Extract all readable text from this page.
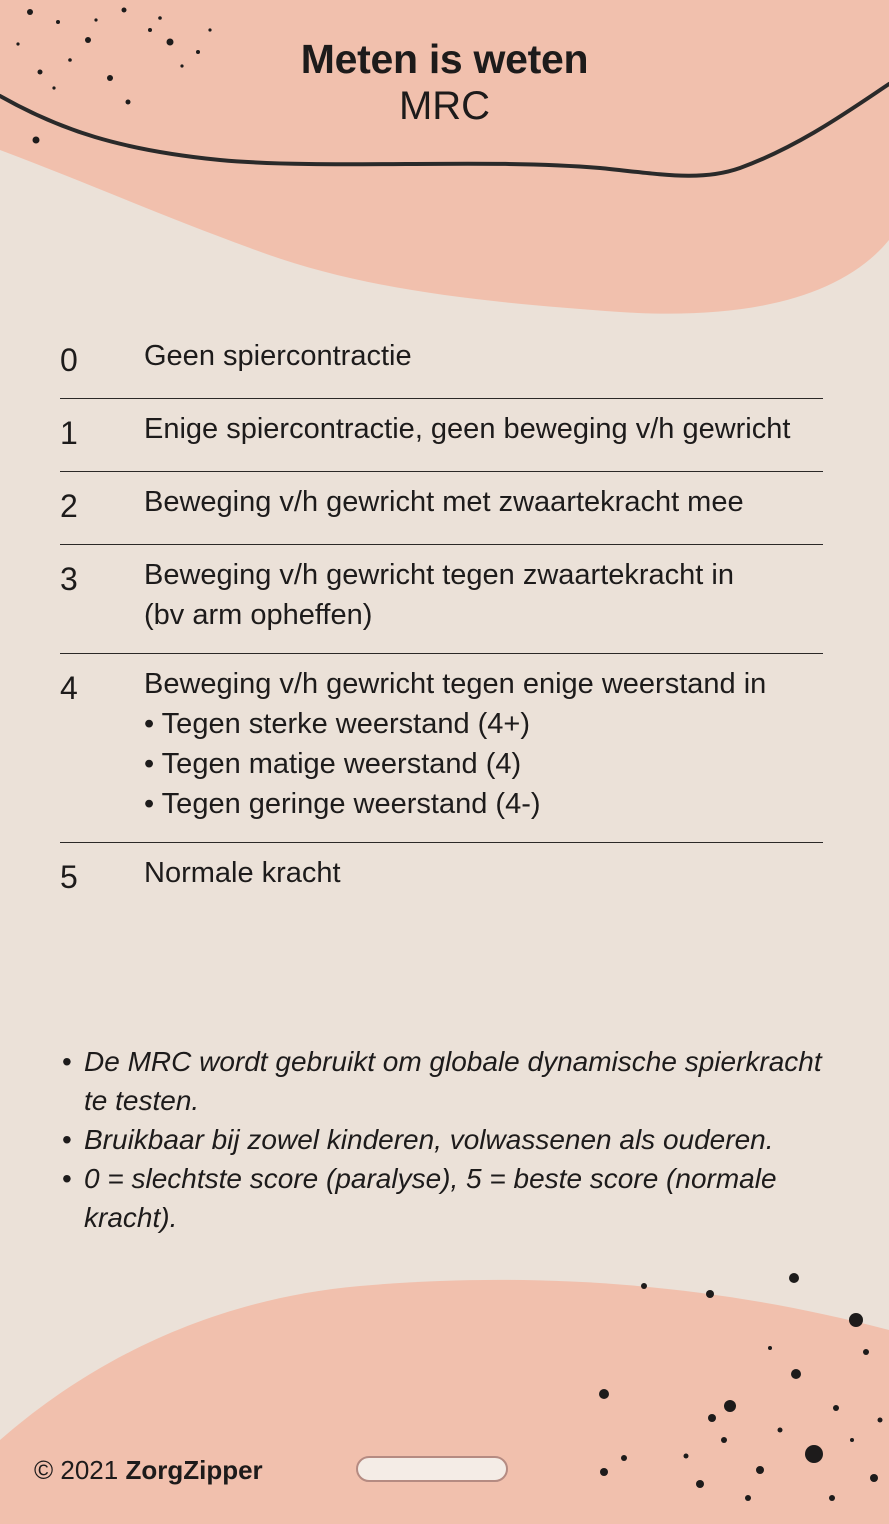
Meten is weten
MRC
0	Geen spiercontractie
1	Enige spiercontractie, geen beweging v/h gewricht
2	Beweging v/h gewricht met zwaartekracht mee
3	Beweging v/h gewricht tegen zwaartekracht in
(bv arm opheffen)
4	Beweging v/h gewricht tegen enige weerstand in
• Tegen sterke weerstand (4+)
• Tegen matige weerstand (4)
• Tegen geringe weerstand (4-)
5	Normale kracht
• De MRC wordt gebruikt om globale dynamische spierkracht te testen.
• Bruikbaar bij zowel kinderen, volwassenen als ouderen.
• 0 = slechtste score (paralyse), 5 = beste score (normale kracht).
© 2021 ZorgZipper
